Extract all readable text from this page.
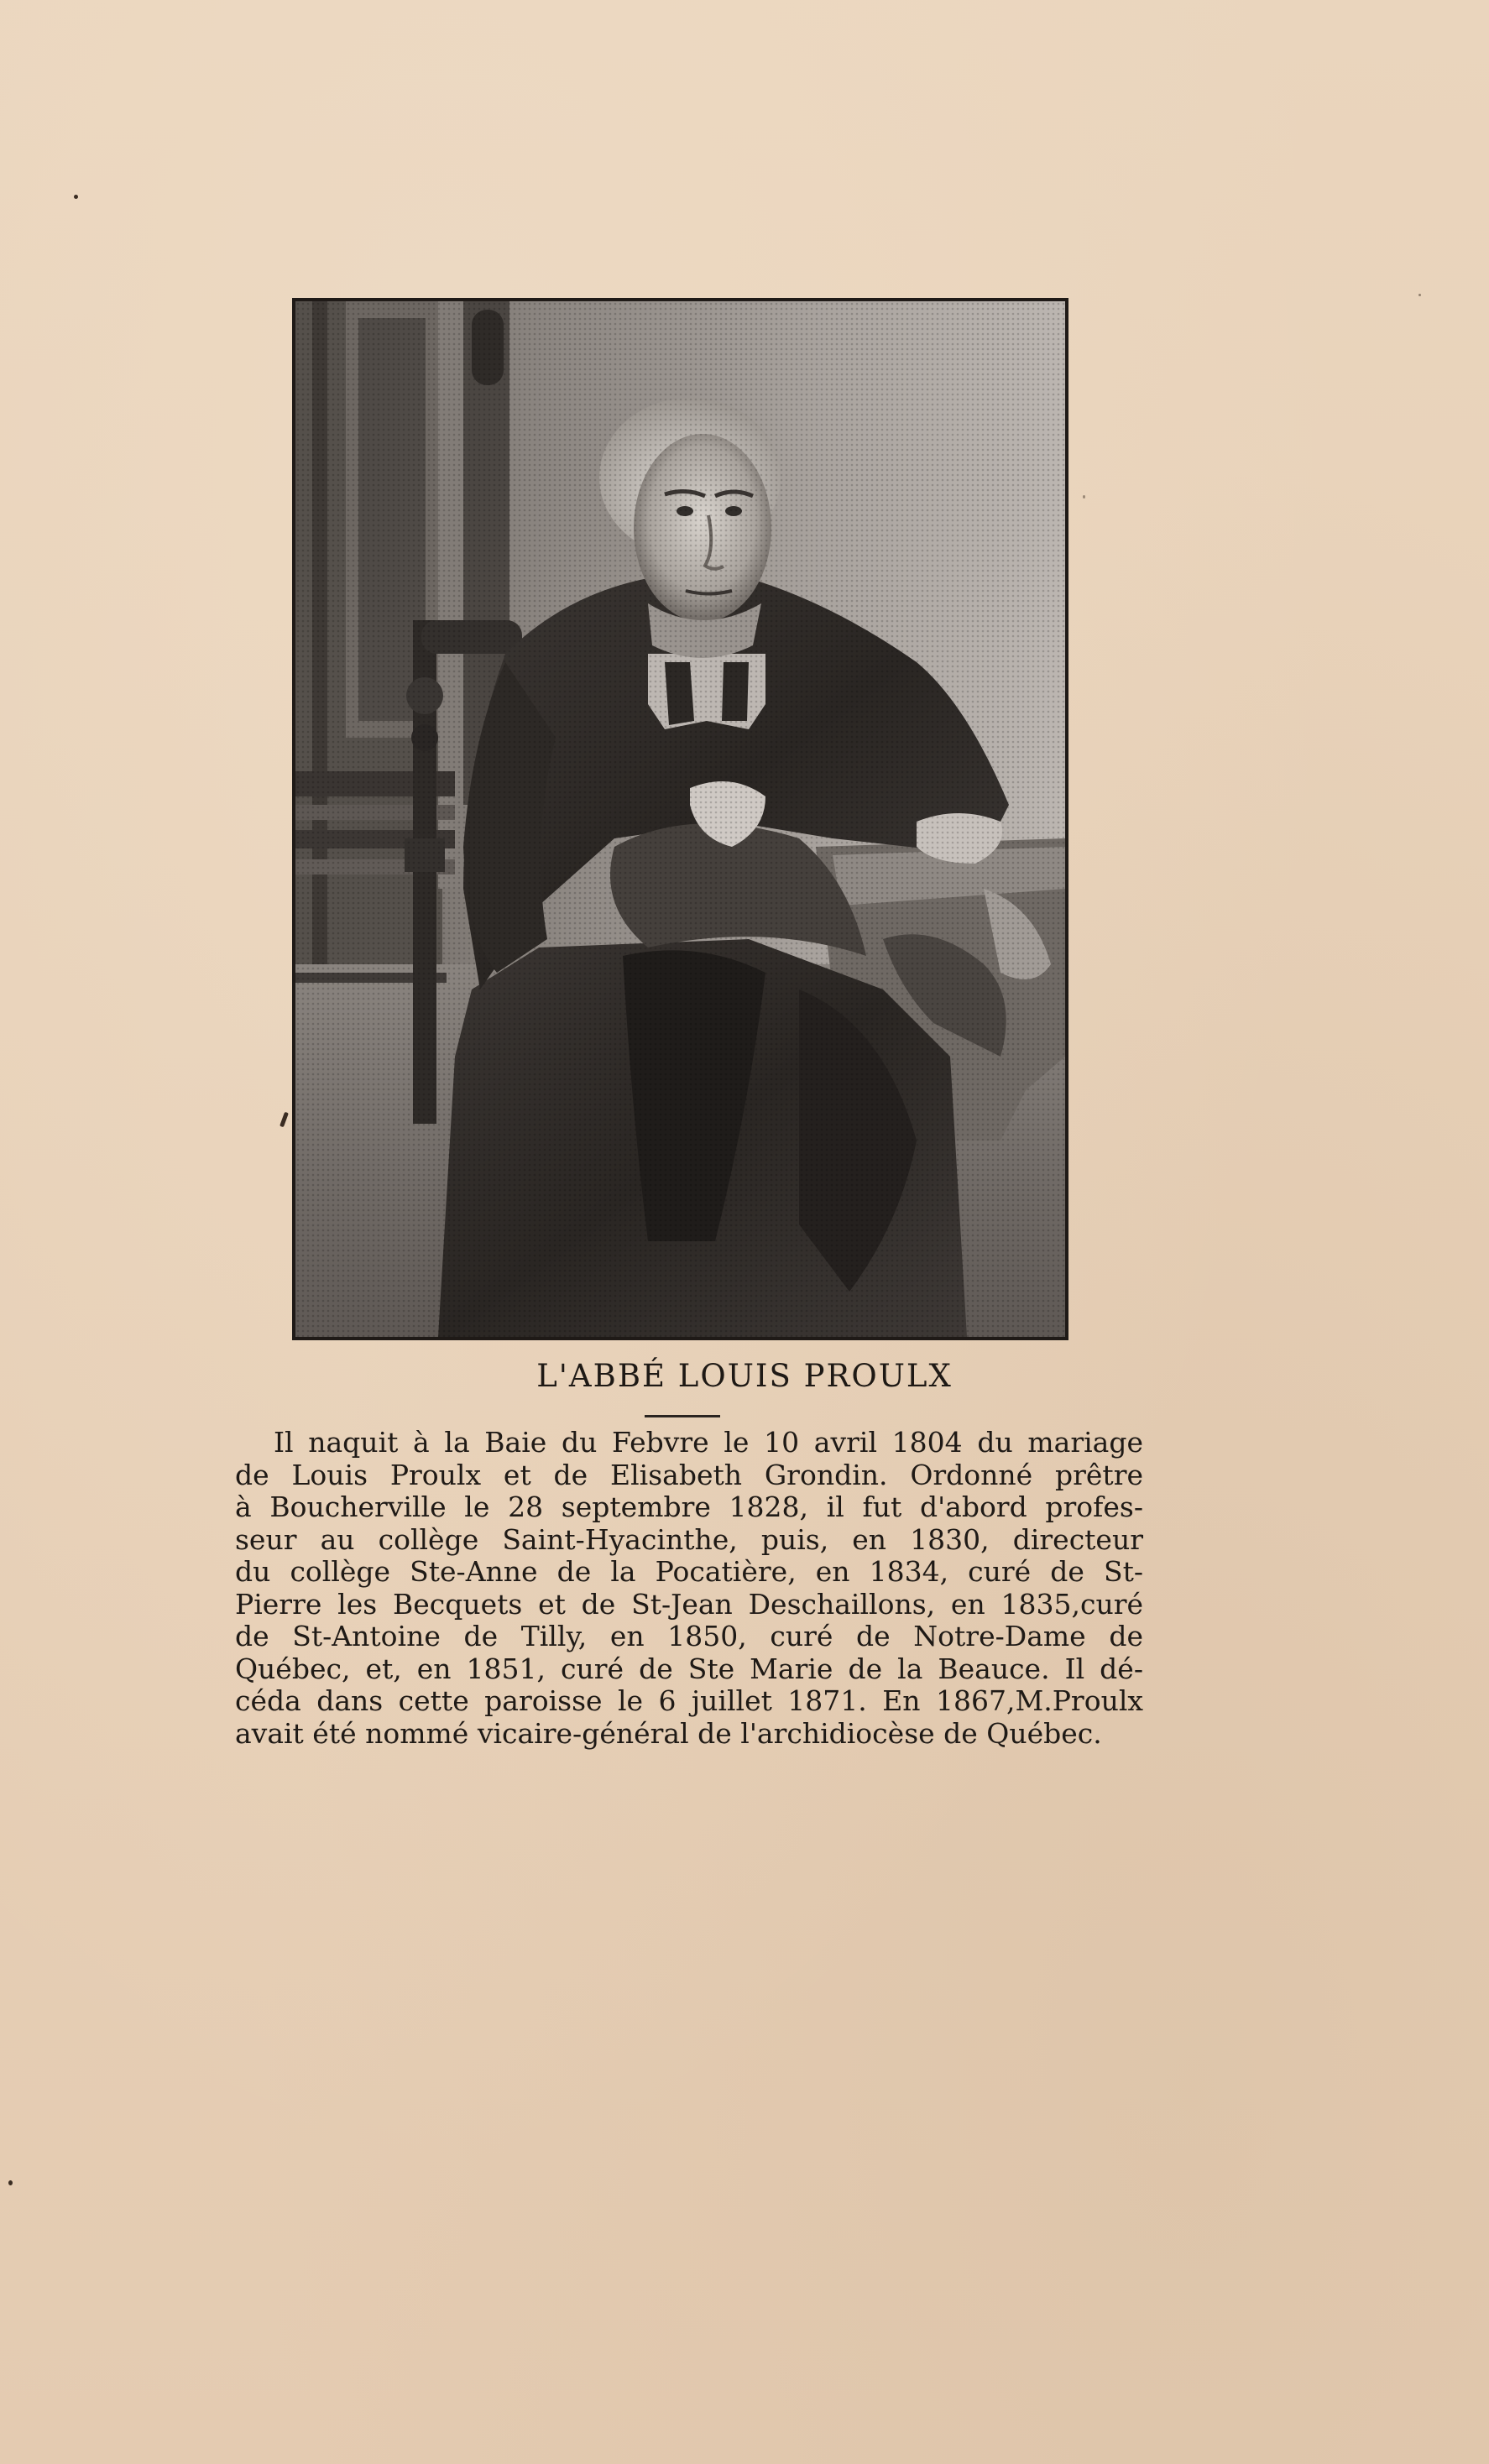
L'ABBÉ LOUIS PROULX
Il naquit à la Baie du Febvre le 10 avril 1804 du mariage
de Louis Proulx et de Elisabeth Grondin. Ordonné prêtre
à Boucherville le 28 septembre 1828, il fut d'abord profes-
seur au collège Saint-Hyacinthe, puis, en 1830, directeur
du collège Ste-Anne de la Pocatière, en 1834, curé de St-
Pierre les Becquets et de St-Jean Deschaillons, en 1835,curé
de St-Antoine de Tilly, en 1850, curé de Notre-Dame de
Québec, et, en 1851, curé de Ste Marie de la Beauce. Il dé-
céda dans cette paroisse le 6 juillet 1871. En 1867,M.Proulx
avait été nommé vicaire-général de l'archidiocèse de Québec.
